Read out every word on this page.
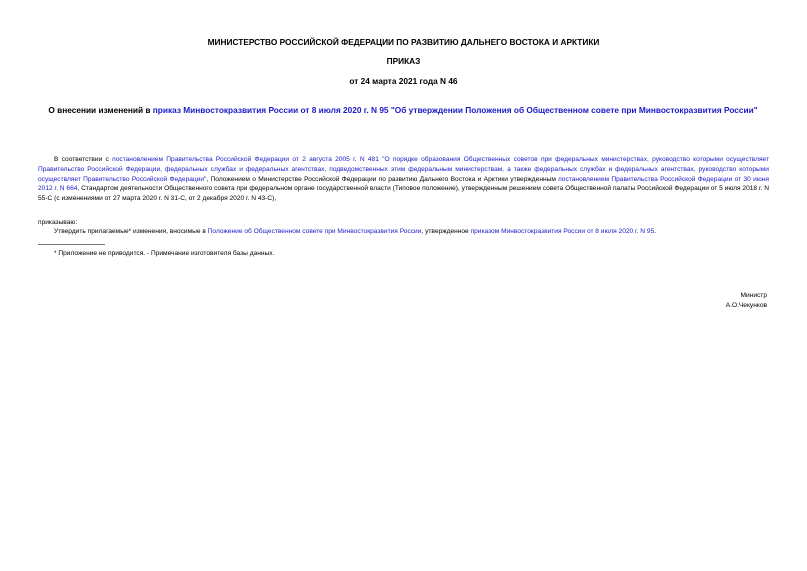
МИНИСТЕРСТВО РОССИЙСКОЙ ФЕДЕРАЦИИ ПО РАЗВИТИЮ ДАЛЬНЕГО ВОСТОКА И АРКТИКИ
ПРИКАЗ
от 24 марта 2021 года N 46
О внесении изменений в приказ Минвостокразвития России от 8 июля 2020 г. N 95 "Об утверждении Положения об Общественном совете при Минвостокразвития России"
В соответствии с постановлением Правительства Российской Федерации от 2 августа 2005 г. N 481 "О порядке образования Общественных советов при федеральных министерствах, руководство которыми осуществляет Правительство Российской Федерации, федеральных службах и федеральных агентствах, подведомственных этим федеральным министерствам, а также федеральных службах и федеральных агентствах, руководство которыми осуществляет Правительство Российской Федерации", Положением о Министерстве Российской Федерации по развитию Дальнего Востока и Арктики утвержденным постановлением Правительства Российской Федерации от 30 июня 2012 г. N 664, Стандартом деятельности Общественного совета при федеральном органе государственной власти (Типовое положение), утвержденным решением совета Общественной палаты Российской Федерации от 5 июля 2018 г. N 55-С (с изменениями от 27 марта 2020 г. N 31-С, от 2 декабря 2020 г. N 43-С),
приказываю:
Утвердить прилагаемые* изменения, вносимые в Положение об Общественном совете при Минвостокразвития России, утвержденное приказом Минвостокразвития России от 8 июля 2020 г. N 95.
* Приложение не приводится. - Примечание изготовителя базы данных.
Министр
А.О.Чекунков
